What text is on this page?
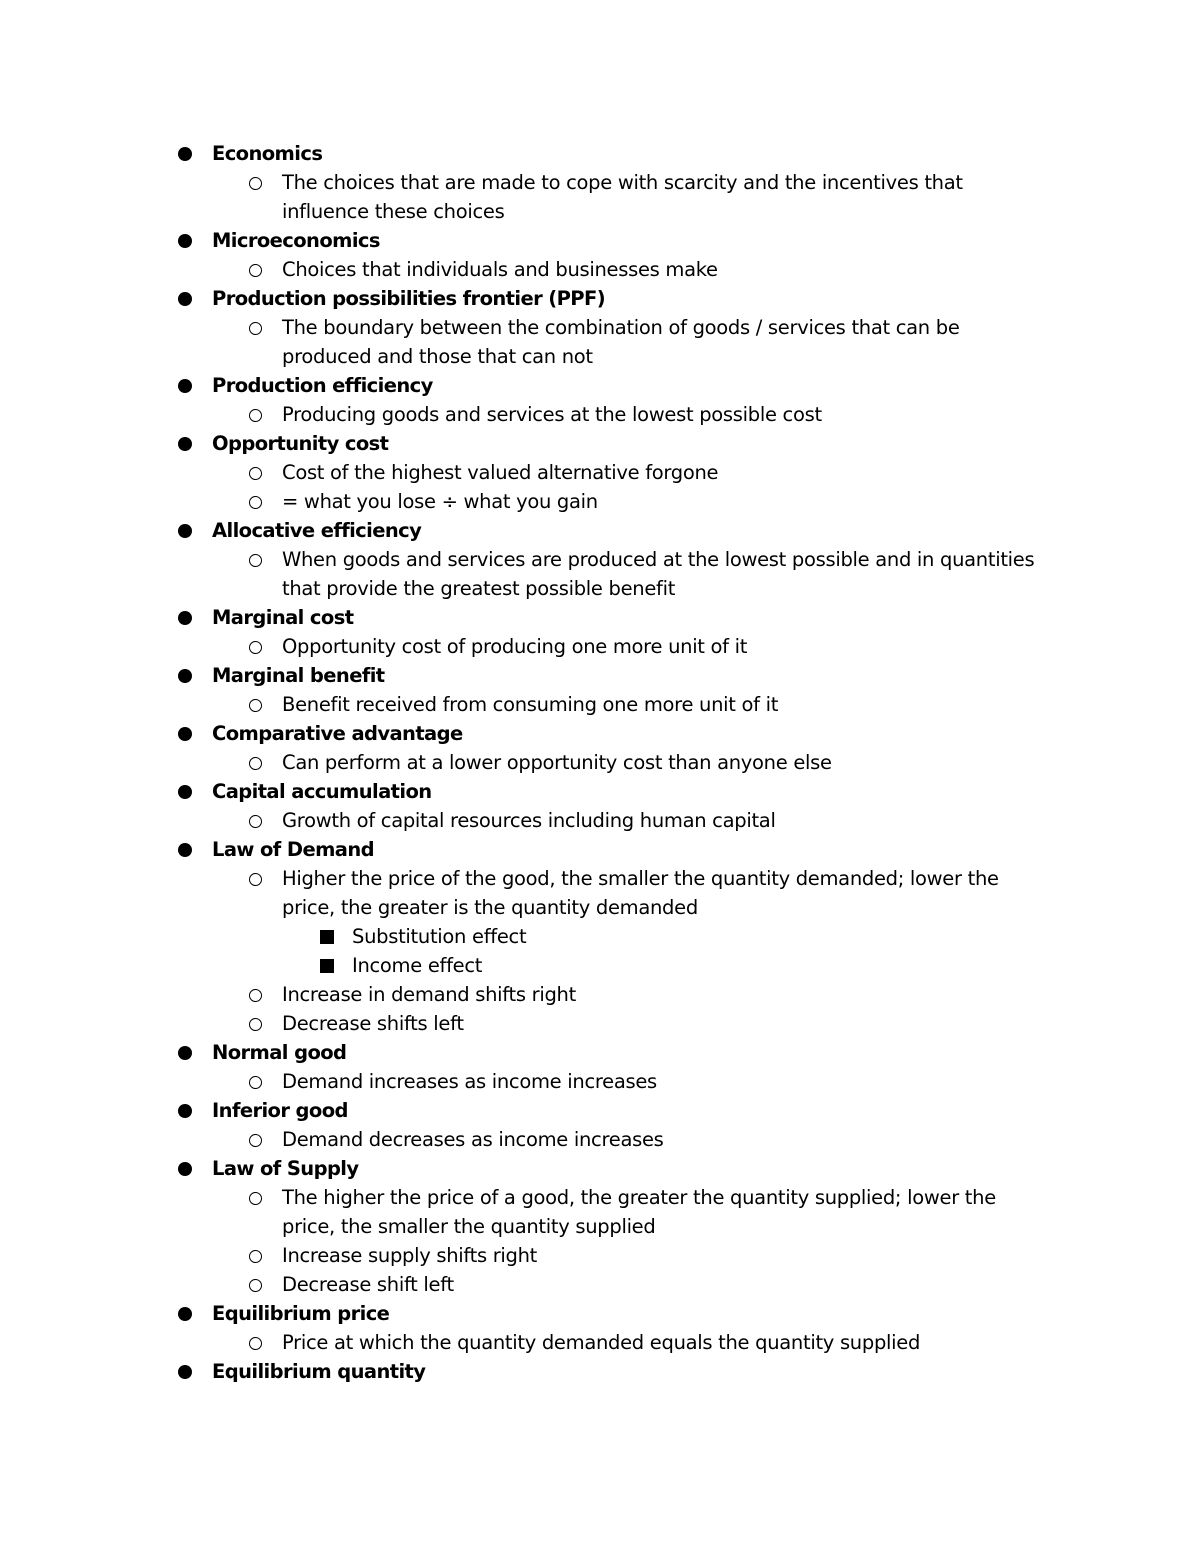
Economics
The choices that are made to cope with scarcity and the incentives that influence these choices
Microeconomics
Choices that individuals and businesses make
Production possibilities frontier (PPF)
The boundary between the combination of goods / services that can be produced and those that can not
Production efficiency
Producing goods and services at the lowest possible cost
Opportunity cost
Cost of the highest valued alternative forgone
= what you lose ÷ what you gain
Allocative efficiency
When goods and services are produced at the lowest possible and in quantities that provide the greatest possible benefit
Marginal cost
Opportunity cost of producing one more unit of it
Marginal benefit
Benefit received from consuming one more unit of it
Comparative advantage
Can perform at a lower opportunity cost than anyone else
Capital accumulation
Growth of capital resources including human capital
Law of Demand
Higher the price of the good, the smaller the quantity demanded; lower the price, the greater is the quantity demanded
Substitution effect
Income effect
Increase in demand shifts right
Decrease shifts left
Normal good
Demand increases as income increases
Inferior good
Demand decreases as income increases
Law of Supply
The higher the price of a good, the greater the quantity supplied; lower the price, the smaller the quantity supplied
Increase supply shifts right
Decrease shift left
Equilibrium price
Price at which the quantity demanded equals the quantity supplied
Equilibrium quantity
